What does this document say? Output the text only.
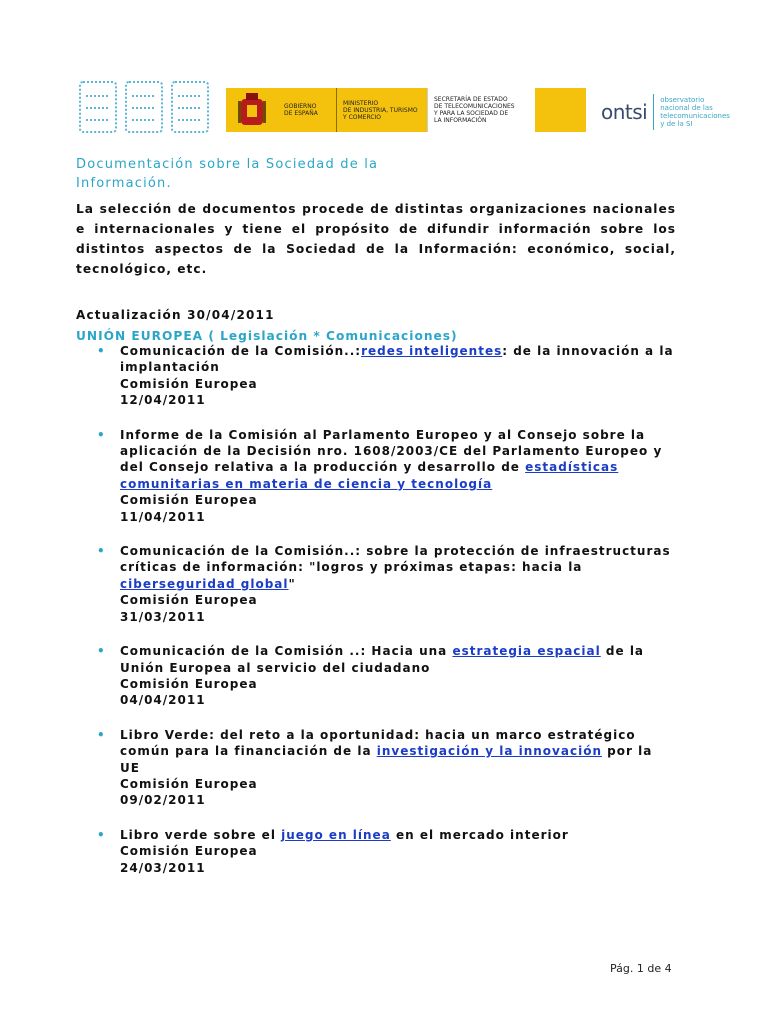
GOBIERNO
DE ESPAÑA
MINISTERIO
DE INDUSTRIA, TURISMO
Y COMERCIO
SECRETARÍA DE ESTADO
DE TELECOMUNICACIONES
Y PARA LA SOCIEDAD DE
LA INFORMACIÓN	ontsi observatorio
nacional de las
telecomunicaciones
y de la SI
Documentación sobre la Sociedad de la
Información.

La selección de documentos procede de distintas organizaciones nacionales e internacionales y tiene el propósito de difundir información sobre los distintos aspectos de la Sociedad de la Información: económico, social, tecnológico, etc.

Actualización 30/04/2011

UNIÓN EUROPEA ( Legislación * Comunicaciones)

• Comunicación de la Comisión..:redes inteligentes: de la innovación a la implantación
Comisión Europea
12/04/2011
• Informe de la Comisión al Parlamento Europeo y al Consejo sobre la aplicación de la Decisión nro. 1608/2003/CE del Parlamento Europeo y del Consejo relativa a la producción y desarrollo de estadísticas comunitarias en materia de ciencia y tecnología
Comisión Europea
11/04/2011
• Comunicación de la Comisión..: sobre la protección de infraestructuras críticas de información: "logros y próximas etapas: hacia la ciberseguridad global"
Comisión Europea
31/03/2011
• Comunicación de la Comisión ..: Hacia una estrategia espacial de la Unión Europea al servicio del ciudadano
Comisión Europea
04/04/2011
• Libro Verde: del reto a la oportunidad: hacia un marco estratégico común para la financiación de la investigación y la innovación por la UE
Comisión Europea
09/02/2011
• Libro verde sobre el juego en línea en el mercado interior
Comisión Europea
24/03/2011
Pág. 1 de 4
